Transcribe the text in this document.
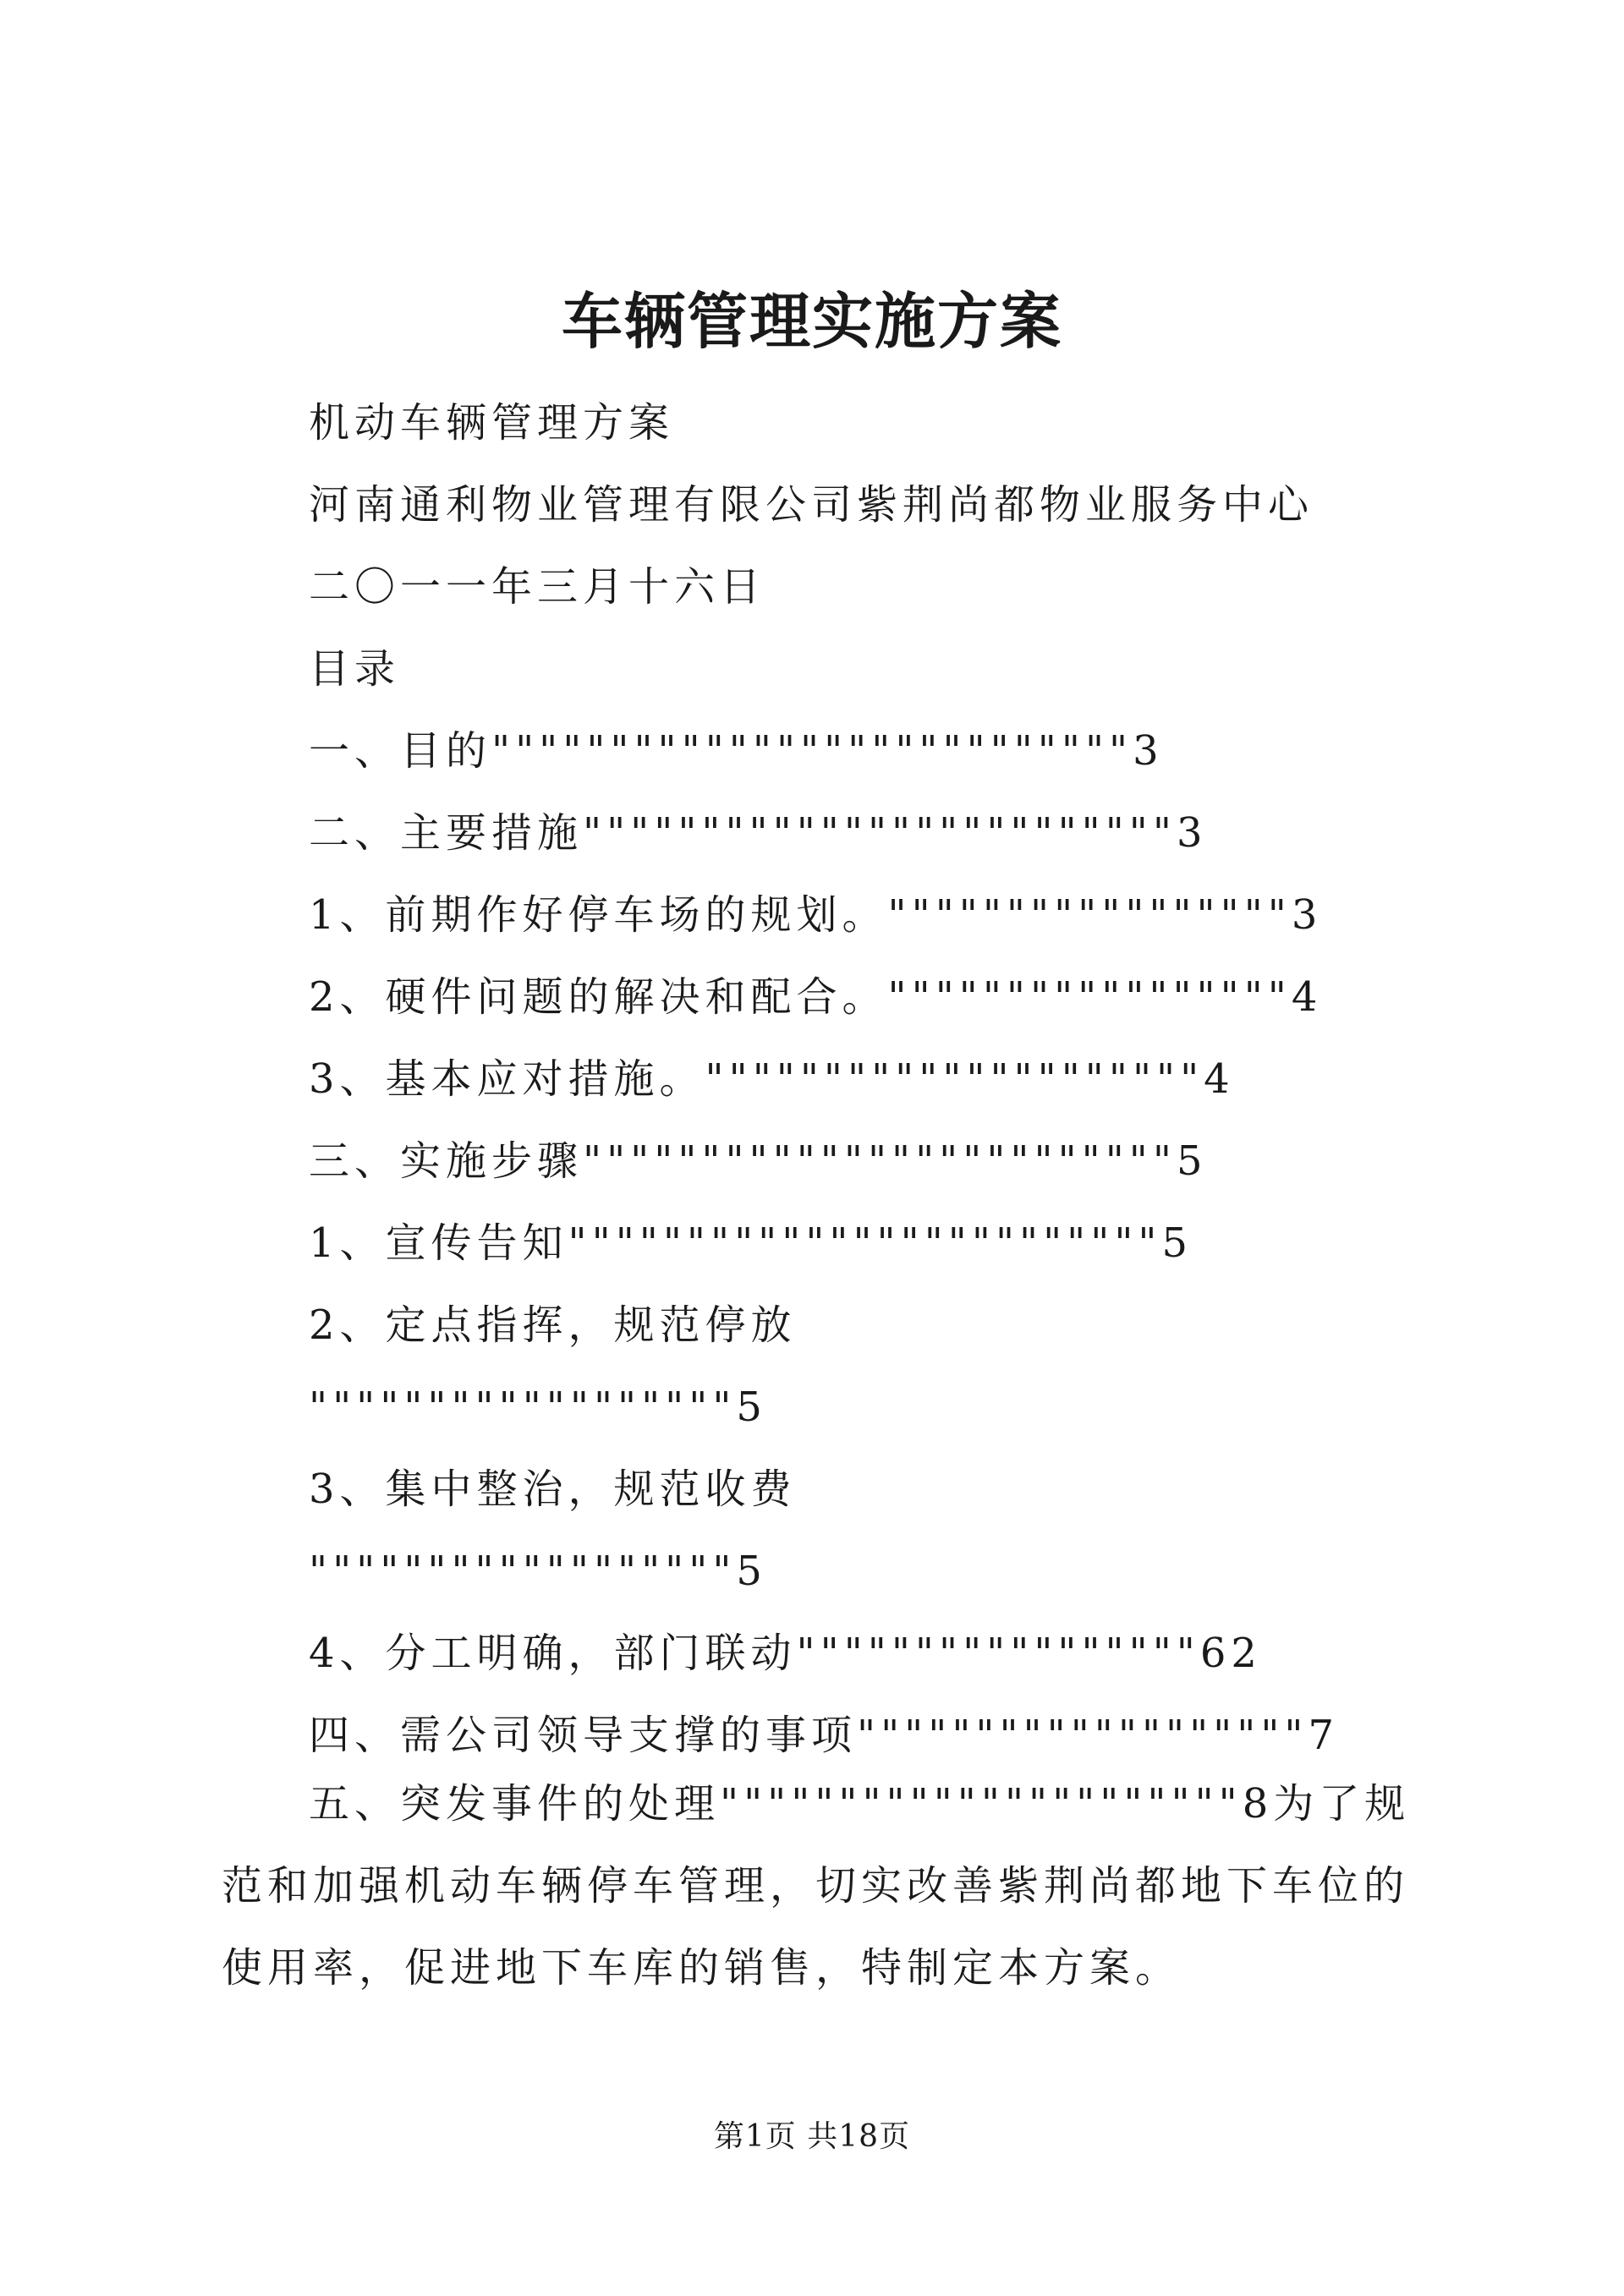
车辆管理实施方案
机动车辆管理方案
河南通利物业管理有限公司紫荆尚都物业服务中心
二〇一一年三月十六日
目录
一、目的"""""""""""""""""""""""""""3
二、主要措施"""""""""""""""""""""""""3
1、前期作好停车场的规划。"""""""""""""""""3
2、硬件问题的解决和配合。"""""""""""""""""4
3、基本应对措施。"""""""""""""""""""""4
三、实施步骤"""""""""""""""""""""""""5
1、宣传告知"""""""""""""""""""""""""5
2、定点指挥，规范停放
""""""""""""""""""5
3、集中整治，规范收费
""""""""""""""""""5
4、分工明确，部门联动"""""""""""""""""62
四、需公司领导支撑的事项"""""""""""""""""""7
五、突发事件的处理""""""""""""""""""""""8为了规范和加强机动车辆停车管理，切实改善紫荆尚都地下车位的使用率，促进地下车库的销售，特制定本方案。
第1页 共18页
